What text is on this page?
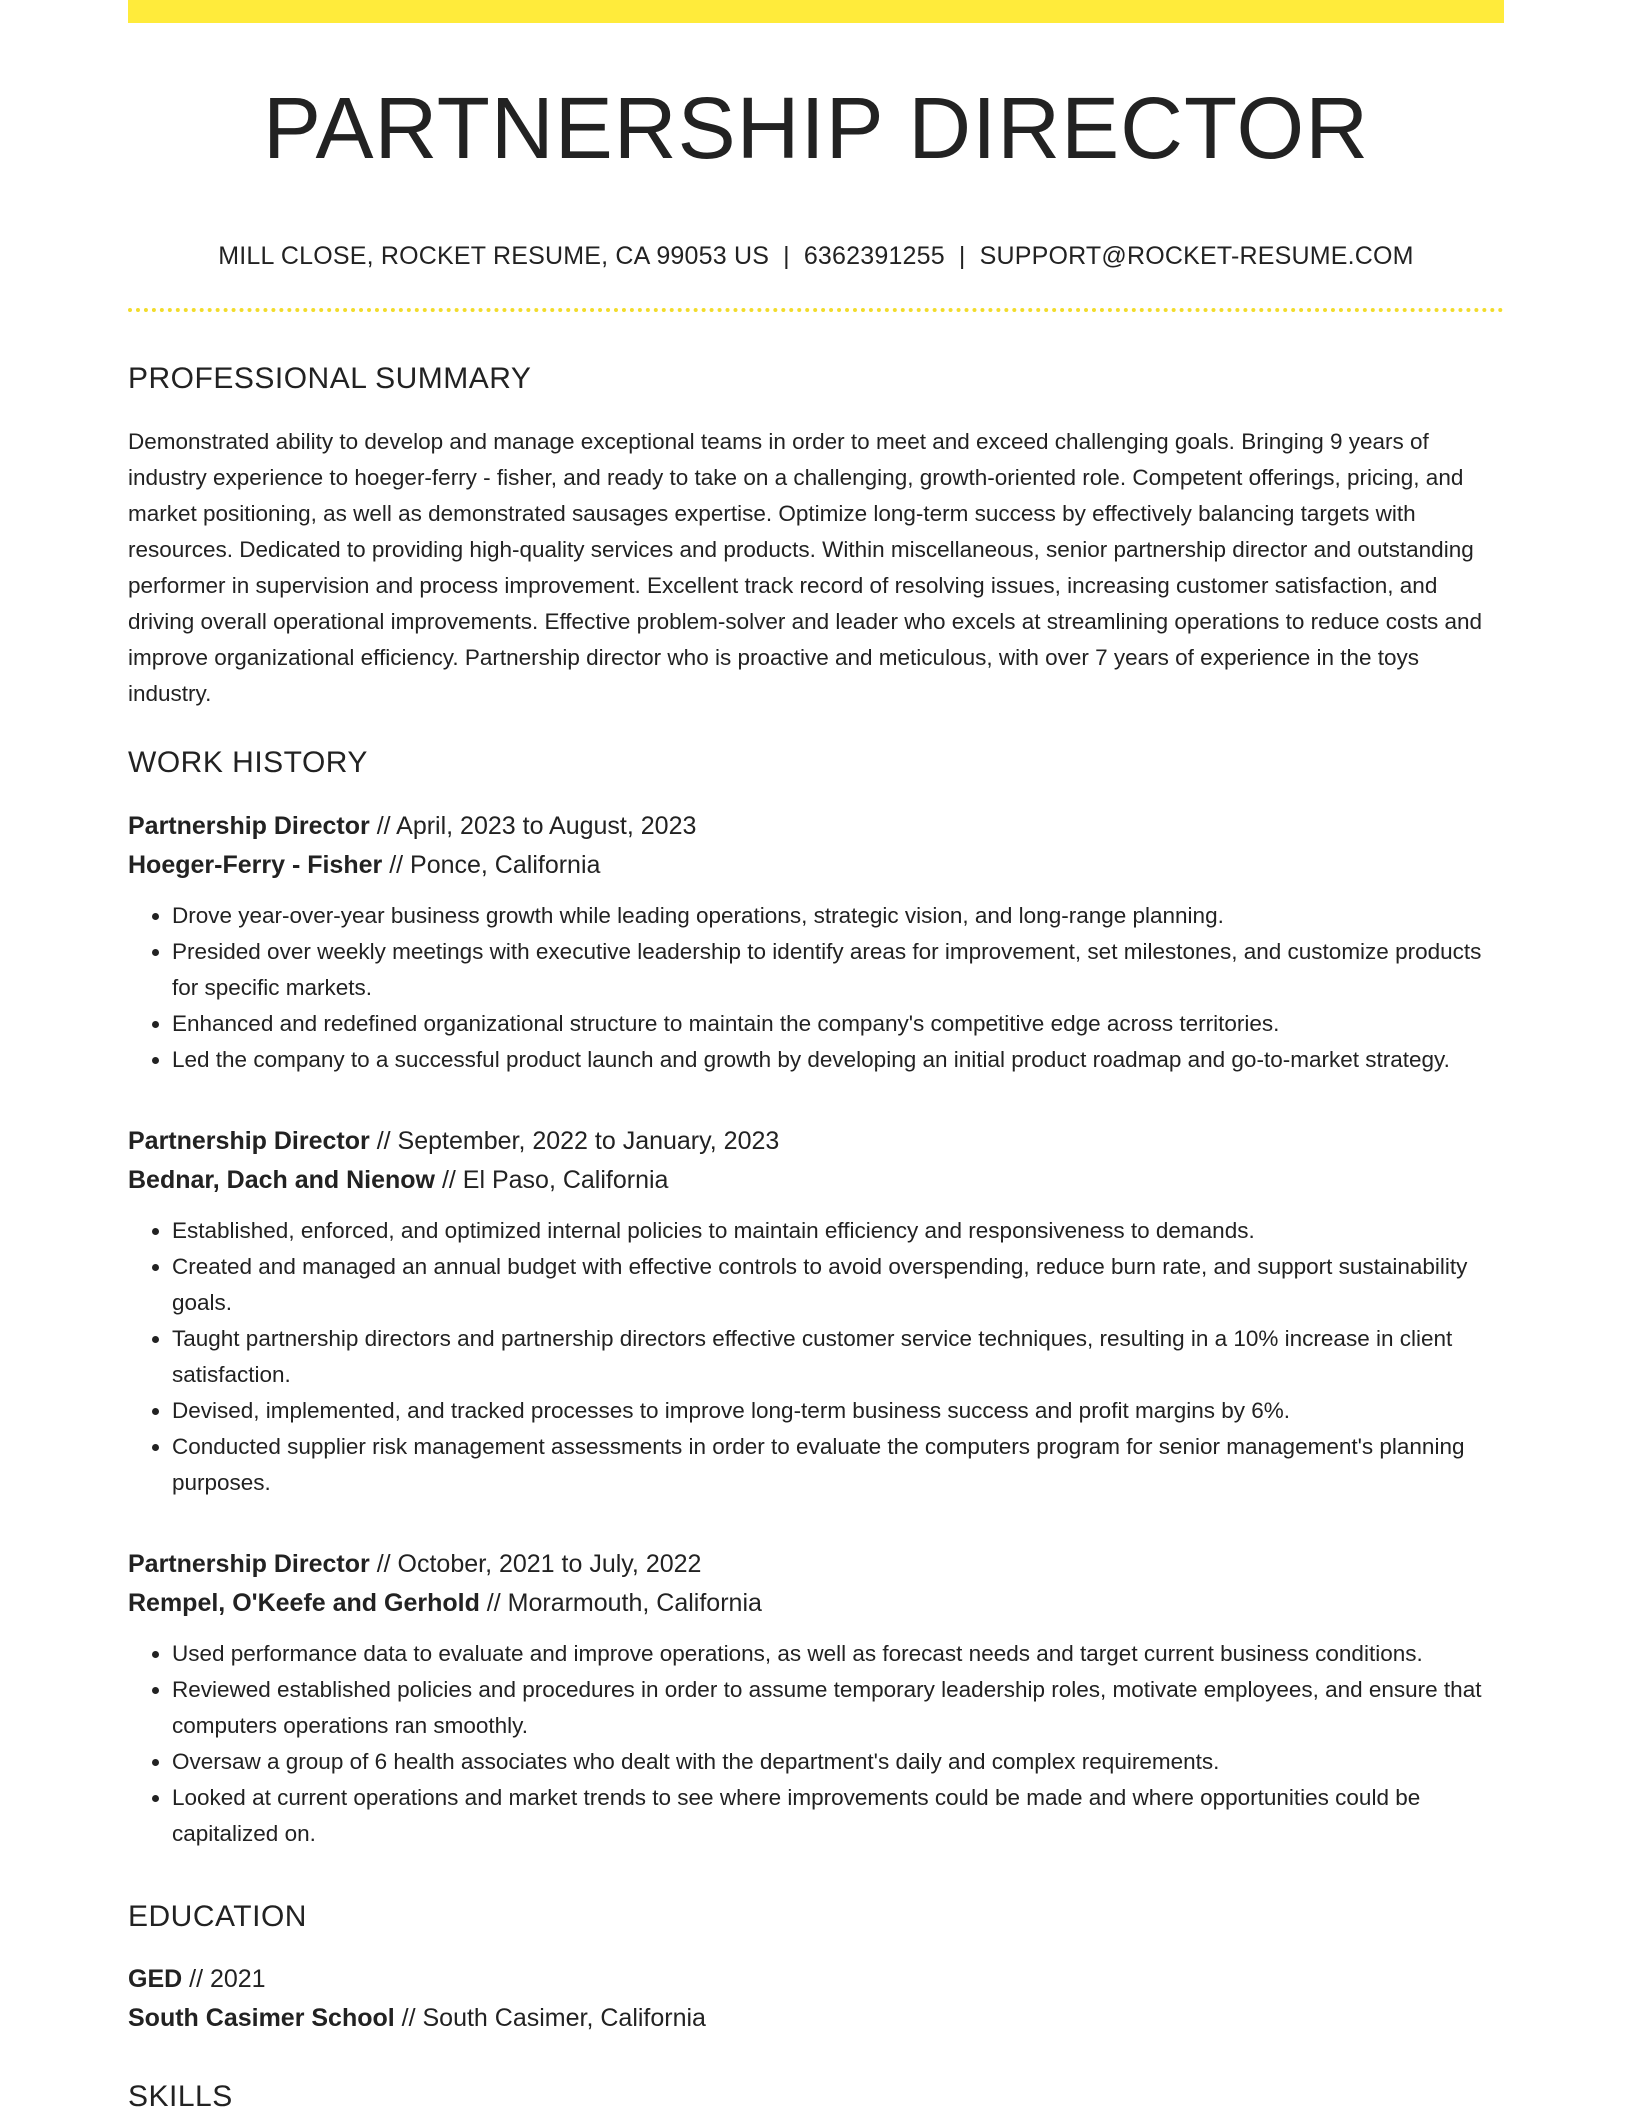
PARTNERSHIP DIRECTOR
MILL CLOSE, ROCKET RESUME, CA 99053 US | 6362391255 | SUPPORT@ROCKET-RESUME.COM
PROFESSIONAL SUMMARY
Demonstrated ability to develop and manage exceptional teams in order to meet and exceed challenging goals. Bringing 9 years of industry experience to hoeger-ferry - fisher, and ready to take on a challenging, growth-oriented role. Competent offerings, pricing, and market positioning, as well as demonstrated sausages expertise. Optimize long-term success by effectively balancing targets with resources. Dedicated to providing high-quality services and products. Within miscellaneous, senior partnership director and outstanding performer in supervision and process improvement. Excellent track record of resolving issues, increasing customer satisfaction, and driving overall operational improvements. Effective problem-solver and leader who excels at streamlining operations to reduce costs and improve organizational efficiency. Partnership director who is proactive and meticulous, with over 7 years of experience in the toys industry.
WORK HISTORY
Partnership Director // April, 2023 to August, 2023
Hoeger-Ferry - Fisher // Ponce, California
• Drove year-over-year business growth while leading operations, strategic vision, and long-range planning.
• Presided over weekly meetings with executive leadership to identify areas for improvement, set milestones, and customize products for specific markets.
• Enhanced and redefined organizational structure to maintain the company's competitive edge across territories.
• Led the company to a successful product launch and growth by developing an initial product roadmap and go-to-market strategy.
Partnership Director // September, 2022 to January, 2023
Bednar, Dach and Nienow // El Paso, California
• Established, enforced, and optimized internal policies to maintain efficiency and responsiveness to demands.
• Created and managed an annual budget with effective controls to avoid overspending, reduce burn rate, and support sustainability goals.
• Taught partnership directors and partnership directors effective customer service techniques, resulting in a 10% increase in client satisfaction.
• Devised, implemented, and tracked processes to improve long-term business success and profit margins by 6%.
• Conducted supplier risk management assessments in order to evaluate the computers program for senior management's planning purposes.
Partnership Director // October, 2021 to July, 2022
Rempel, O'Keefe and Gerhold // Morarmouth, California
• Used performance data to evaluate and improve operations, as well as forecast needs and target current business conditions.
• Reviewed established policies and procedures in order to assume temporary leadership roles, motivate employees, and ensure that computers operations ran smoothly.
• Oversaw a group of 6 health associates who dealt with the department's daily and complex requirements.
• Looked at current operations and market trends to see where improvements could be made and where opportunities could be capitalized on.
EDUCATION
GED // 2021
South Casimer School // South Casimer, California
SKILLS
